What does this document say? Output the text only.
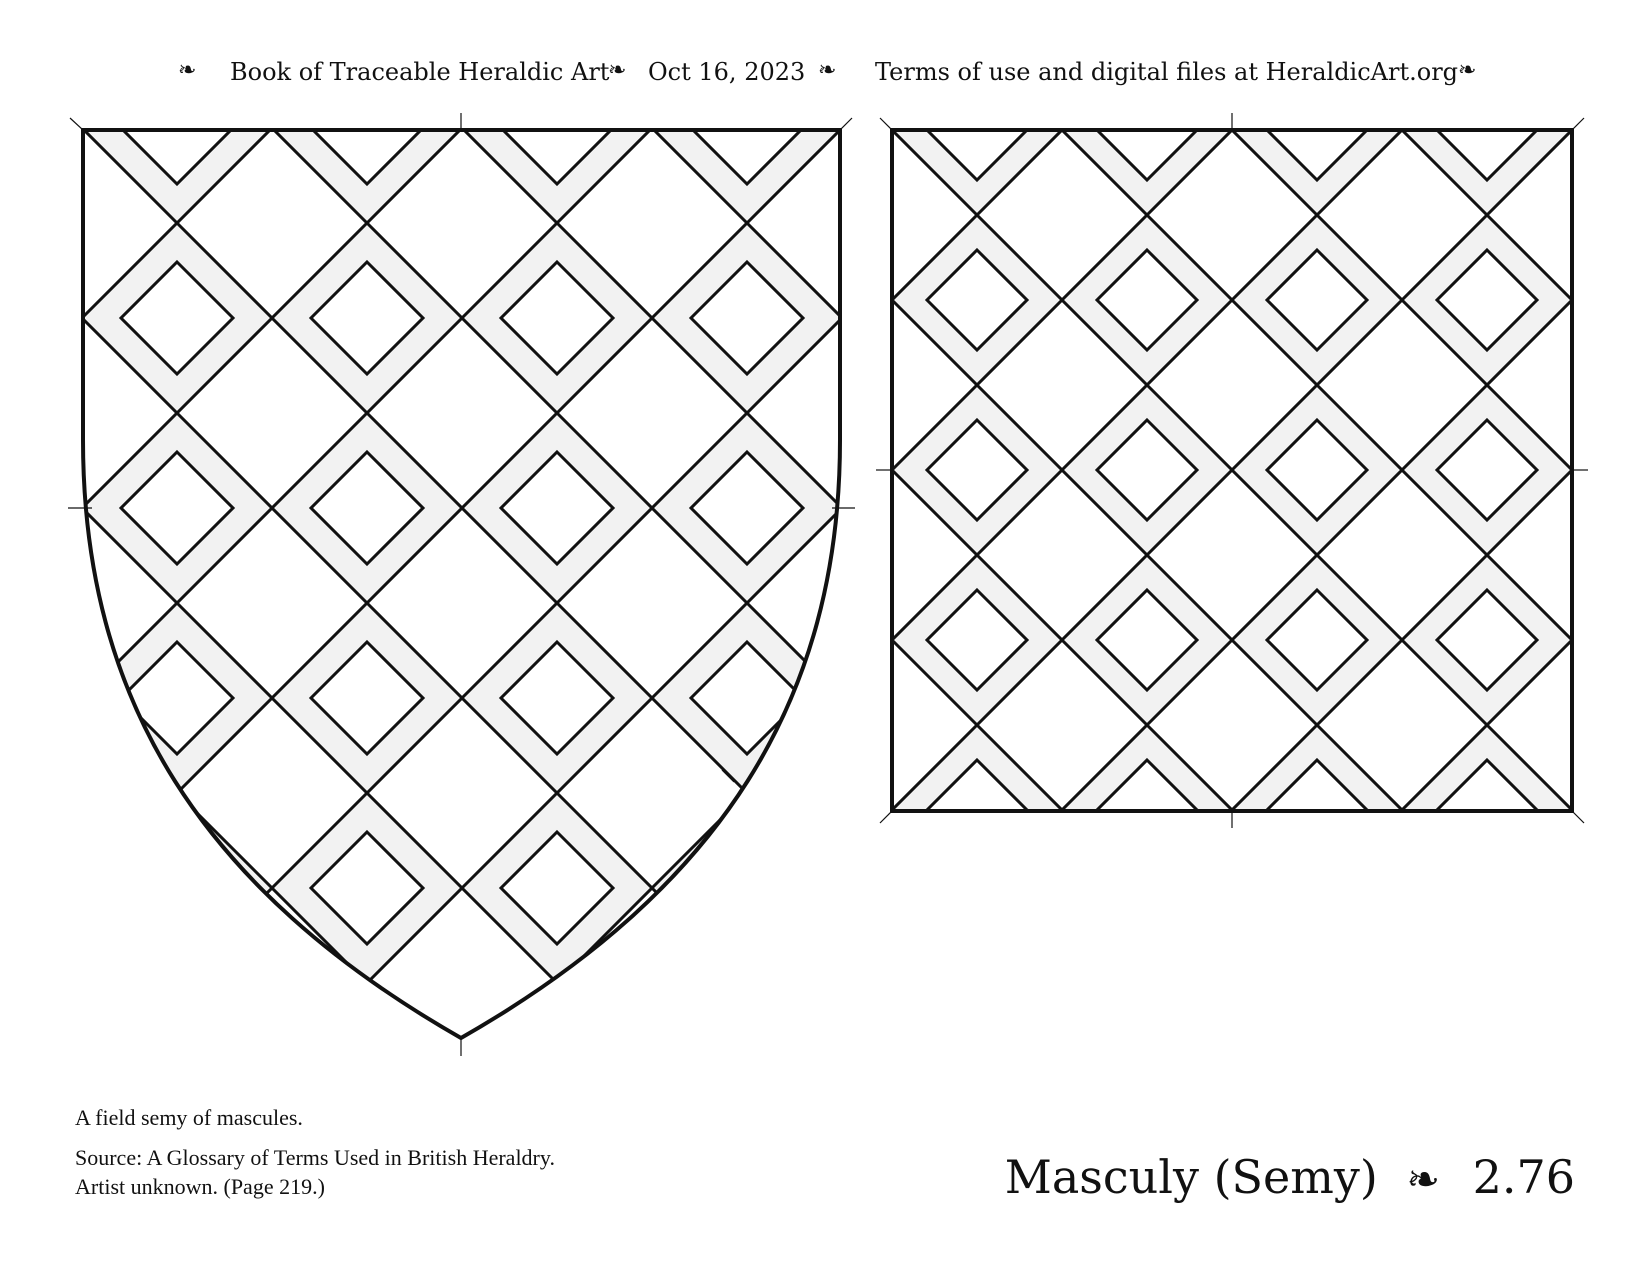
❧ Book of Traceable Heraldic Art
❧ Oct 16, 2023 ❧ Terms of use and digital files at HeraldicArt.org ❧

A field semy of mascules.

Source: A Glossary of Terms Used in British Heraldry.

Artist unknown. (Page 219.)	Masculy (Semy) ❧ 2.76
